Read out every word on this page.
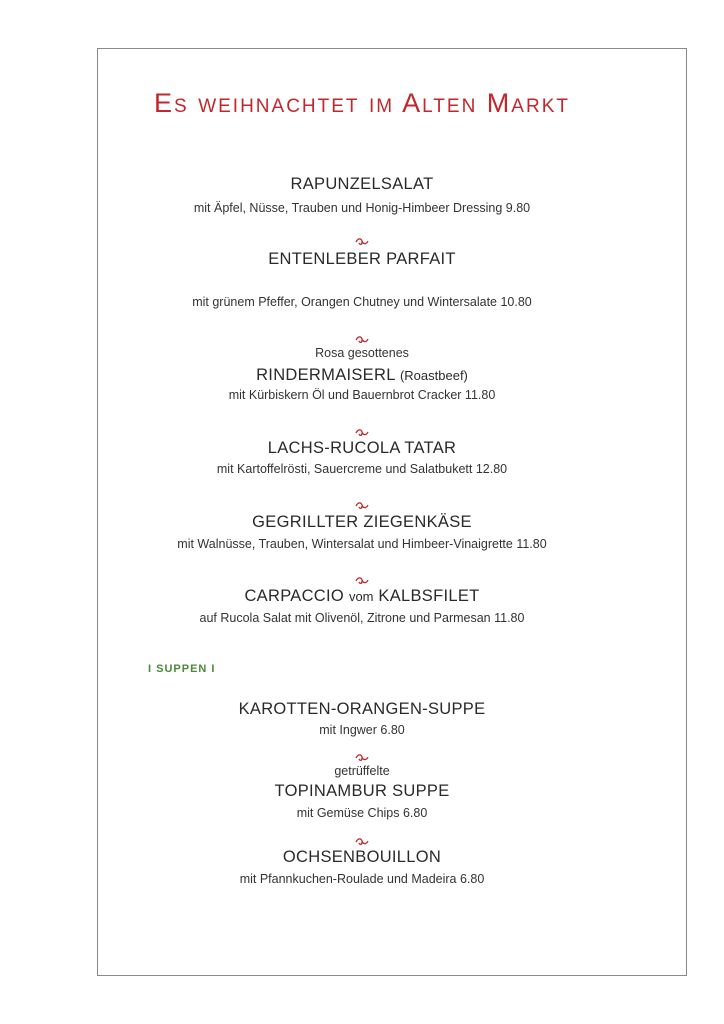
Es weihnachtet im Alten Markt
RAPUNZELSALAT
mit Äpfel, Nüsse, Trauben und Honig-Himbeer Dressing 9.80
ENTENLEBER PARFAIT
mit grünem Pfeffer, Orangen Chutney und Wintersalate 10.80
Rosa gesottenes
RINDERMAISERL (Roastbeef)
mit Kürbiskern Öl und Bauernbrot Cracker 11.80
LACHS-RUCOLA TATAR
mit Kartoffelrösti, Sauercreme und Salatbukett 12.80
GEGRILLTER ZIEGENKÄSE
mit Walnüsse, Trauben, Wintersalat und Himbeer-Vinaigrette 11.80
CARPACCIO vom KALBSFILET
auf Rucola Salat mit Olivenöl, Zitrone und Parmesan 11.80
I SUPPEN I
KAROTTEN-ORANGEN-SUPPE
mit Ingwer 6.80
getrüffelte
TOPINAMBUR SUPPE
mit Gemüse Chips 6.80
OCHSENBOUILLON
mit Pfannkuchen-Roulade und Madeira 6.80
